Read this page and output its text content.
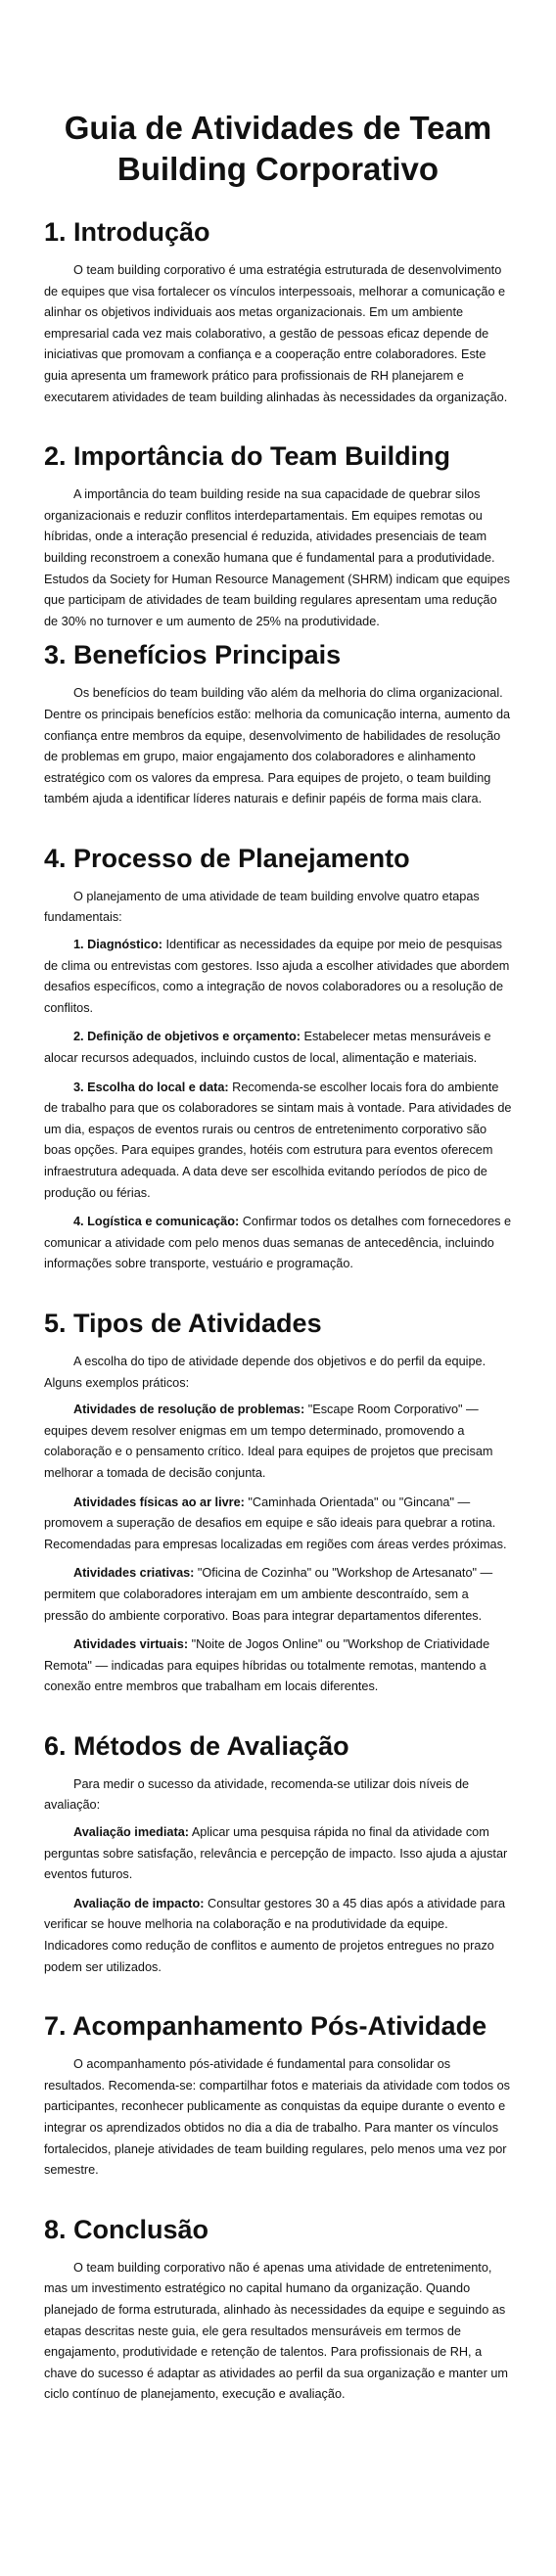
Guia de Atividades de Team Building Corporativo
1. Introdução

O team building corporativo é uma estratégia estruturada de desenvolvimento de equipes que visa fortalecer os vínculos interpessoais, melhorar a comunicação e alinhar os objetivos individuais aos metas organizacionais. Em um ambiente empresarial cada vez mais colaborativo, a gestão de pessoas eficaz depende de iniciativas que promovam a confiança e a cooperação entre colaboradores. Este guia apresenta um framework prático para profissionais de RH planejarem e executarem atividades de team building alinhadas às necessidades da organização.

2. Importância do Team Building

A importância do team building reside na sua capacidade de quebrar silos organizacionais e reduzir conflitos interdepartamentais. Em equipes remotas ou híbridas, onde a interação presencial é reduzida, atividades presenciais de team building reconstroem a conexão humana que é fundamental para a produtividade. Estudos da Society for Human Resource Management (SHRM) indicam que equipes que participam de atividades de team building regulares apresentam uma redução de 30% no turnover e um aumento de 25% na produtividade.

3. Benefícios Principais

Os benefícios do team building vão além da melhoria do clima organizacional. Dentre os principais benefícios estão: melhoria da comunicação interna, aumento da confiança entre membros da equipe, desenvolvimento de habilidades de resolução de problemas em grupo, maior engajamento dos colaboradores e alinhamento estratégico com os valores da empresa. Para equipes de projeto, o team building também ajuda a identificar líderes naturais e definir papéis de forma mais clara.

4. Processo de Planejamento

O planejamento de uma atividade de team building envolve quatro etapas fundamentais:

1. Diagnóstico: Identificar as necessidades da equipe por meio de pesquisas de clima ou entrevistas com gestores. Isso ajuda a escolher atividades que abordem desafios específicos, como a integração de novos colaboradores ou a resolução de conflitos.

2. Definição de objetivos e orçamento: Estabelecer metas mensuráveis e alocar recursos adequados, incluindo custos de local, alimentação e materiais.

3. Escolha do local e data: Recomenda-se escolher locais fora do ambiente de trabalho para que os colaboradores se sintam mais à vontade. Para atividades de um dia, espaços de eventos rurais ou centros de entretenimento corporativo são boas opções. Para equipes grandes, hotéis com estrutura para eventos oferecem infraestrutura adequada. A data deve ser escolhida evitando períodos de pico de produção ou férias.

4. Logística e comunicação: Confirmar todos os detalhes com fornecedores e comunicar a atividade com pelo menos duas semanas de antecedência, incluindo informações sobre transporte, vestuário e programação.

5. Tipos de Atividades

A escolha do tipo de atividade depende dos objetivos e do perfil da equipe. Alguns exemplos práticos:

Atividades de resolução de problemas: "Escape Room Corporativo" — equipes devem resolver enigmas em um tempo determinado, promovendo a colaboração e o pensamento crítico. Ideal para equipes de projetos que precisam melhorar a tomada de decisão conjunta.

Atividades físicas ao ar livre: "Caminhada Orientada" ou "Gincana" — promovem a superação de desafios em equipe e são ideais para quebrar a rotina. Recomendadas para empresas localizadas em regiões com áreas verdes próximas.

Atividades criativas: "Oficina de Cozinha" ou "Workshop de Artesanato" — permitem que colaboradores interajam em um ambiente descontraído, sem a pressão do ambiente corporativo. Boas para integrar departamentos diferentes.

Atividades virtuais: "Noite de Jogos Online" ou "Workshop de Criatividade Remota" — indicadas para equipes híbridas ou totalmente remotas, mantendo a conexão entre membros que trabalham em locais diferentes.

6. Métodos de Avaliação

Para medir o sucesso da atividade, recomenda-se utilizar dois níveis de avaliação:

Avaliação imediata: Aplicar uma pesquisa rápida no final da atividade com perguntas sobre satisfação, relevância e percepção de impacto. Isso ajuda a ajustar eventos futuros.

Avaliação de impacto: Consultar gestores 30 a 45 dias após a atividade para verificar se houve melhoria na colaboração e na produtividade da equipe. Indicadores como redução de conflitos e aumento de projetos entregues no prazo podem ser utilizados.

7. Acompanhamento Pós-Atividade

O acompanhamento pós-atividade é fundamental para consolidar os resultados. Recomenda-se: compartilhar fotos e materiais da atividade com todos os participantes, reconhecer publicamente as conquistas da equipe durante o evento e integrar os aprendizados obtidos no dia a dia de trabalho. Para manter os vínculos fortalecidos, planeje atividades de team building regulares, pelo menos uma vez por semestre.

8. Conclusão

O team building corporativo não é apenas uma atividade de entretenimento, mas um investimento estratégico no capital humano da organização. Quando planejado de forma estruturada, alinhado às necessidades da equipe e seguindo as etapas descritas neste guia, ele gera resultados mensuráveis em termos de engajamento, produtividade e retenção de talentos. Para profissionais de RH, a chave do sucesso é adaptar as atividades ao perfil da sua organização e manter um ciclo contínuo de planejamento, execução e avaliação.
